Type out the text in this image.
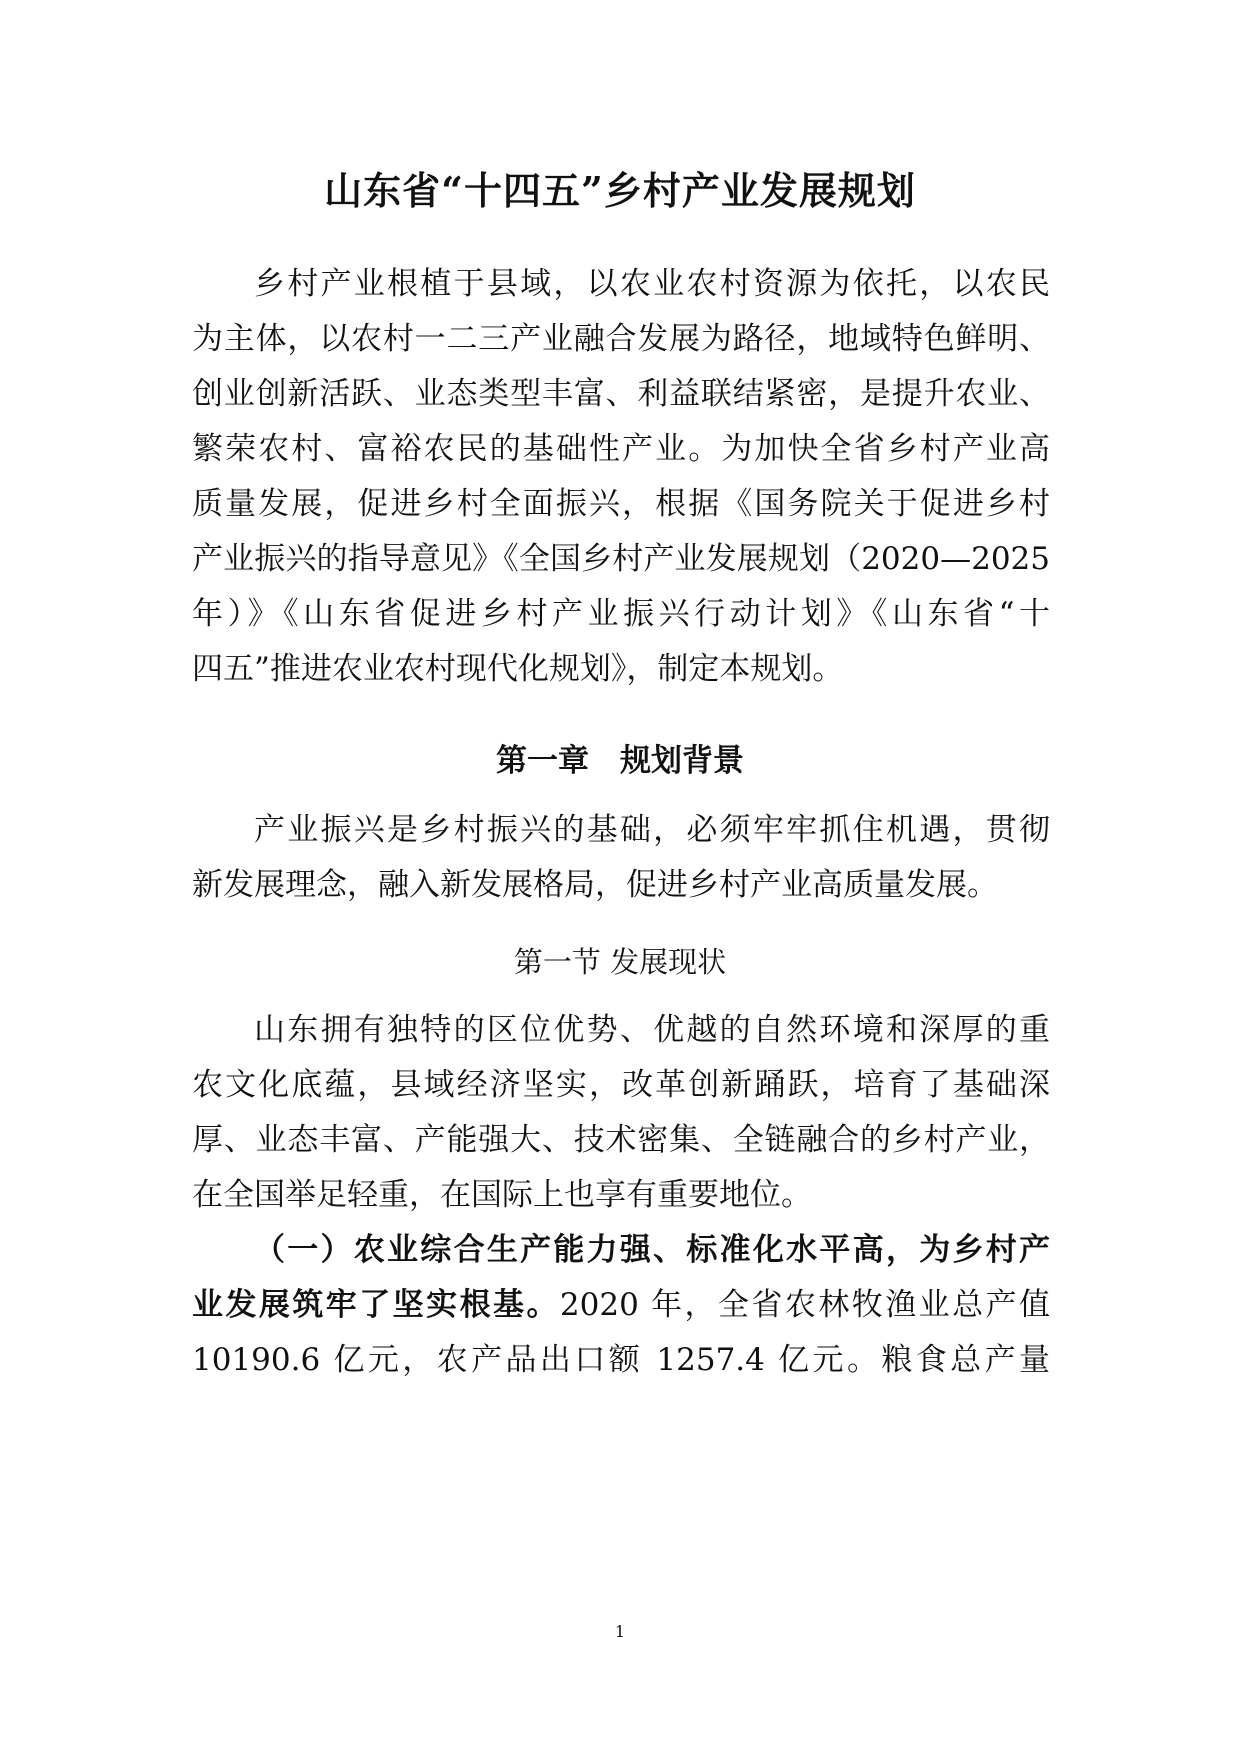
山东省“十四五”乡村产业发展规划
乡村产业根植于县域，以农业农村资源为依托，以农民
为主体，以农村一二三产业融合发展为路径，地域特色鲜明、
创业创新活跃、业态类型丰富、利益联结紧密，是提升农业、
繁荣农村、富裕农民的基础性产业。为加快全省乡村产业高
质量发展，促进乡村全面振兴，根据《国务院关于促进乡村
产业振兴的指导意见》《全国乡村产业发展规划（2020—2025
年）》《山东省促进乡村产业振兴行动计划》《山东省“十
四五”推进农业农村现代化规划》，制定本规划。
第一章　规划背景
产业振兴是乡村振兴的基础，必须牢牢抓住机遇，贯彻
新发展理念，融入新发展格局，促进乡村产业高质量发展。
第一节 发展现状
山东拥有独特的区位优势、优越的自然环境和深厚的重
农文化底蕴，县域经济坚实，改革创新踊跃，培育了基础深
厚、业态丰富、产能强大、技术密集、全链融合的乡村产业，
在全国举足轻重，在国际上也享有重要地位。
（一）农业综合生产能力强、标准化水平高，为乡村产
业发展筑牢了坚实根基。2020 年，全省农林牧渔业总产值
10190.6 亿元，农产品出口额 1257.4 亿元。粮食总产量
1
